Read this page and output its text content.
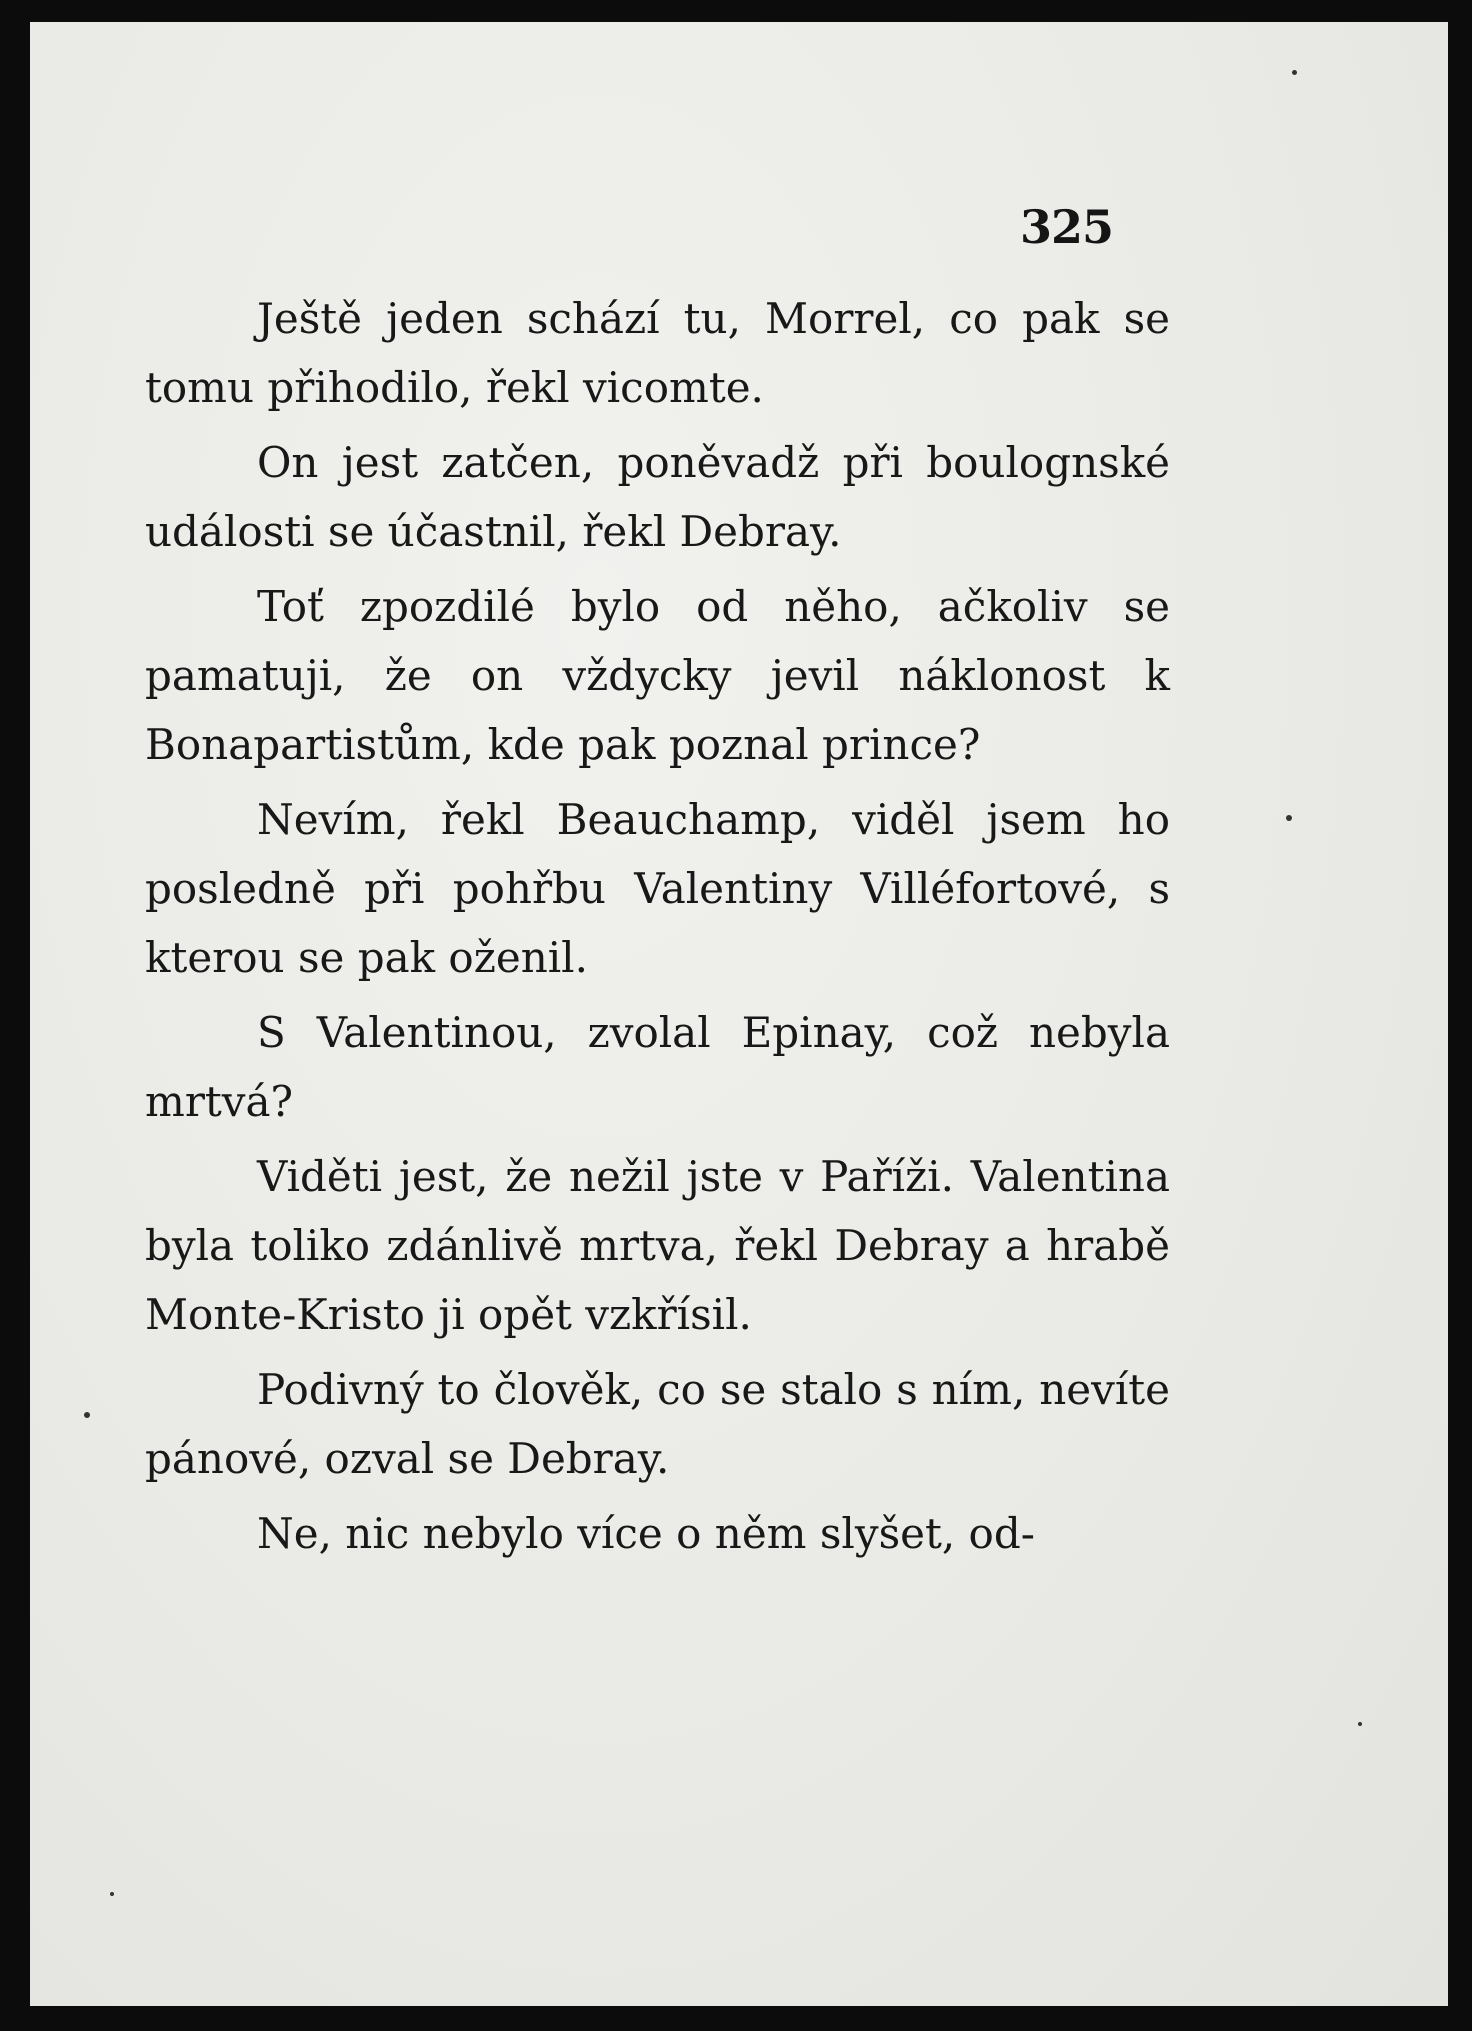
325

Ještě jeden schází tu, Morrel, co pak se tomu přihodilo, řekl vicomte.

On jest zatčen, poněvadž při boulognské události se účastnil, řekl Debray.

Toť zpozdilé bylo od něho, ačkoliv se pamatuji, že on vždycky jevil náklonost k Bonapartistům, kde pak poznal prince?

Nevím, řekl Beauchamp, viděl jsem ho posledně při pohřbu Valentiny Villéfortové, s kterou se pak oženil.

S Valentinou, zvolal Epinay, což nebyla mrtvá?

Viděti jest, že nežil jste v Paříži. Valentina byla toliko zdánlivě mrtva, řekl Debray a hrabě Monte-Kristo ji opět vzkřísil.

Podivný to člověk, co se stalo s ním, nevíte pánové, ozval se Debray.

Ne, nic nebylo více o něm slyšet, od-
